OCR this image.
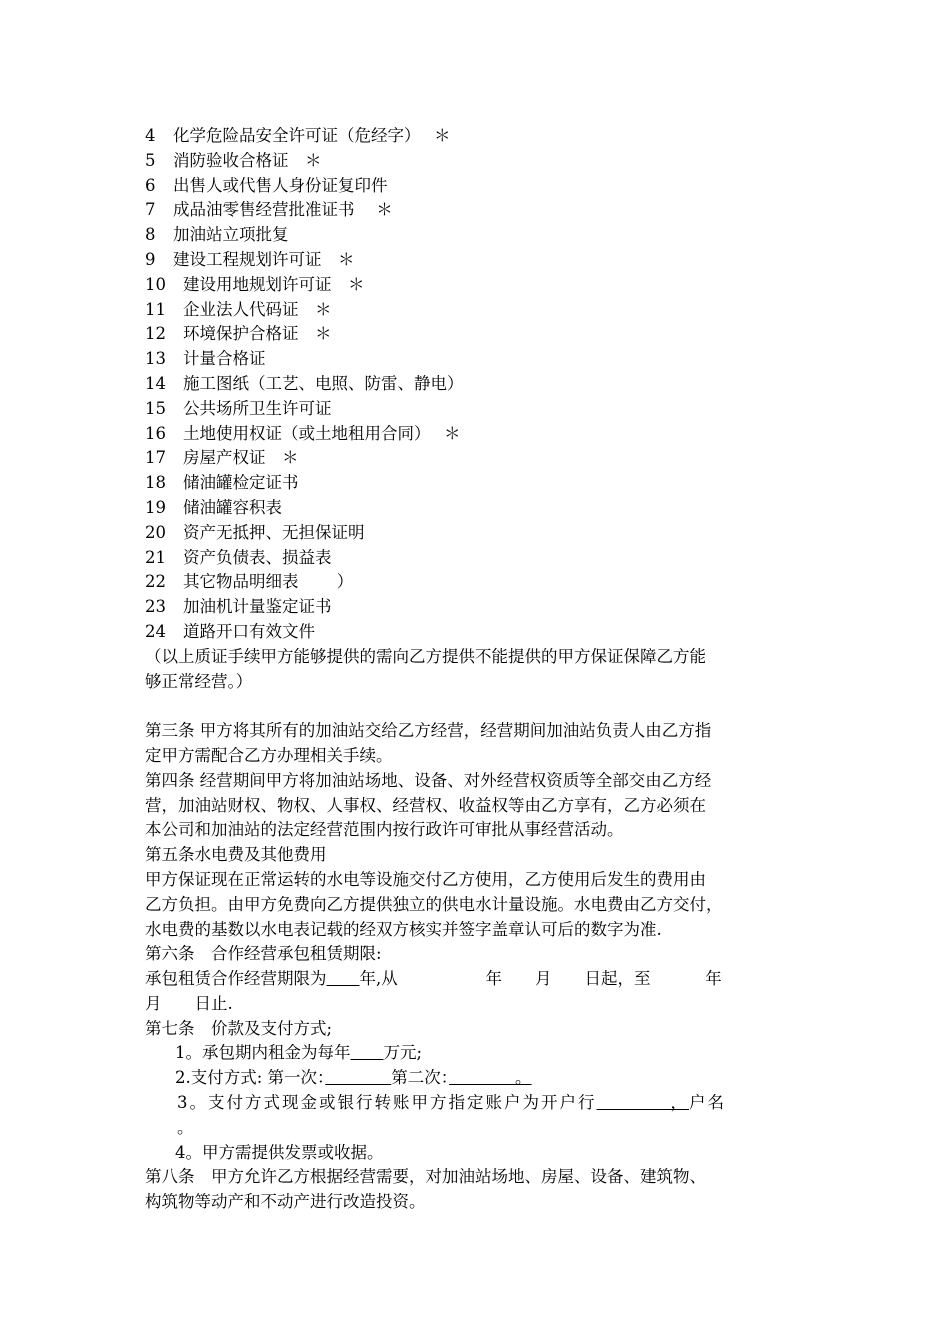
4 化学危险品安全许可证（危经字）　 ＊
5 消防验收合格证　＊
6 出售人或代售人身份证复印件
7 成品油零售经营批准证书　 ＊
8 加油站立项批复
9 建设工程规划许可证　＊
10 建设用地规划许可证　＊
11 企业法人代码证　＊
12 环境保护合格证　＊
13 计量合格证
14 施工图纸（工艺、电照、防雷、静电）
15 公共场所卫生许可证
16 土地使用权证（或土地租用合同）　 ＊
17 房屋产权证　＊
18 储油罐检定证书
19 储油罐容积表
20 资产无抵押、无担保证明
21 资产负债表、损益表
22 其它物品明细表　　 ）
23 加油机计量鉴定证书
24 道路开口有效文件
（以上质证手续甲方能够提供的需向乙方提供不能提供的甲方保证保障乙方能
够正常经营。）
第三条 甲方将其所有的加油站交给乙方经营，经营期间加油站负责人由乙方指
定甲方需配合乙方办理相关手续。
第四条 经营期间甲方将加油站场地、设备、对外经营权资质等全部交由乙方经
营，加油站财权、物权、人事权、经营权、收益权等由乙方享有，乙方必须在
本公司和加油站的法定经营范围内按行政许可审批从事经营活动。
第五条水电费及其他费用
甲方保证现在正常运转的水电等设施交付乙方使用，乙方使用后发生的费用由
乙方负担。由甲方免费向乙方提供独立的供电水计量设施。水电费由乙方交付，
水电费的基数以水电表记载的经双方核实并签字盖章认可后的数字为准.
第六条　合作经营承包租赁期限:
承包租赁合作经营期限为　　 年,从　　　　　 年　　月　　日起，至　　　 年
月　　日止.
第七条　价款及支付方式;
1。承包期内租金为每年　　 万元;
2.支付方式: 第一次：　　　　	第二次：　　　　。
3。支付方式现金或银行转账甲方指定账户为开户行　　　　，户名
。
4。甲方需提供发票或收据。
第八条　甲方允许乙方根据经营需要，对加油站场地、房屋、设备、建筑物、
构筑物等动产和不动产进行改造投资。
